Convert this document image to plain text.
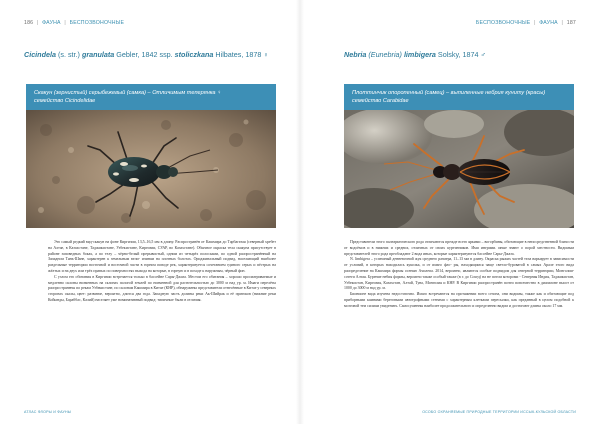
186 | ФАУНА | БЕСПОЗВОНОЧНЫЕ
Cicindela (s. str.) granulata Gebler, 1842 ssp. stoliczkana Hilbates, 1878 ♀
Скакун (зернистый) серыбежевый (самка) – Отличимым теперянка ♀
семейство Cicindelidae

Это самый редкий вид-скакун на фоне Киргизии, 13,5–16,5 мм в длину. Распространён от Кашмира до Тарбагатая (северный хребет на Алтае, в Казахстане, Таджикистане, Узбекистане, Киргизии, СУАР, во Казахстане). Обычное окраска тела скакуна присутствует в районе заповедных боках, а по телу – чёрно-белый прерывистый, одним из четырёх полосками, по одной распространённый на Западном Тянь-Шане, характерен к земельным вели- ичинам на плотных болотах. Ориджинальный подвид, населяющий наиболее раздельные территории восточной и восточной части в горном поводе рек, характеризуется сочетанием единого серых и пёстрых на жёлтых и на двух или трёх правых по поверхностях выхода на которые, в горную и в походе к наружным, чёрный фон.

С узлом его обитания в Киргизии встречается только в бассейне Сары-Джаза. Местом его обитания – хорошо просматриваемые и медленно склоны низменных на склонах пологой землей по низменной для растительностью до 3000 м над ур. м. Имаги перелёты распространены по рекам Узбекистане, по склонам Кашмира в Китае (КНР), обнаружены представители отнесённые в Китае у северных сторонах скалы, цвет: развитие, вероятно, длится два года. Западную часть долины реки Ак-Шийрак и её притоков (нижние реки Койынды, Бараббас, Калий) населяет уже номинативный подвид: типичные были в отличия.

АТЛАС ФЛОРЫ И ФАУНЫ
БЕСПОЗВОНОЧНЫЕ | ФАУНА | 187
Nebria (Eunebria) limbigera Solsky, 1874 ♂
Плоттинчик опоропенный (самец) – выпиленные небрия куниту (красы)
семейство Carabidae

Представители этого палеарктического рода отличаются прежде всего яркими – вогорбины, обитающие в непосредственной близости от водоёмов и в нижних и средних, отличных от своих куртинчиков. Ими ингрими. иные знают о порой местности. Видимым представителей этого рода преобладают 2 вида иных, которые характеризуются бассейне Сары-Джаза.

N. limbigera – успешный денневочной жук среднего размера, 11–13 мм в длину. Окраска рыжих частей тела варьирует в зависимости от условий, в которых находилась куколка, и от имаго фло- ры, находящимся чаще светло-буроватой в самых Арале этого вида распределение на Кашмира формы осенью Ачилепа. 2014, вероятно, являются особые подвидом для северной территории, Монголии-сотеги Алтая. Бурение небия формы, вероятно также особый также (в г. до Сохед) на не потом котороми - Северная Индия, Таджикистан, Узбекистан, Киргизия, Казахстан, Алтай, Тува, Монголия и КНР. В Киргизии распространён почти повсеместно в диапазоне высот от 1000 до 3000 м над ур. м.

Бионионе вида изучена недостаточно. Имаго встречаются на протяжении всего сезона, они видимы, также как и обитающие под приборными камнями береговыми автотрофными стенами с характерным клетками пересылки, как преданный в целом подобной к мозговой тем силиам увиденить. Самосушенны наиболее продолжительного и определенно видим и достигают длины около 17 мм.

ОСОБО ОХРАНЯЕМЫЕ ПРИРОДНЫЕ ТЕРРИТОРИИ ИССЫК-КУЛЬСКОЙ ОБЛАСТИ
